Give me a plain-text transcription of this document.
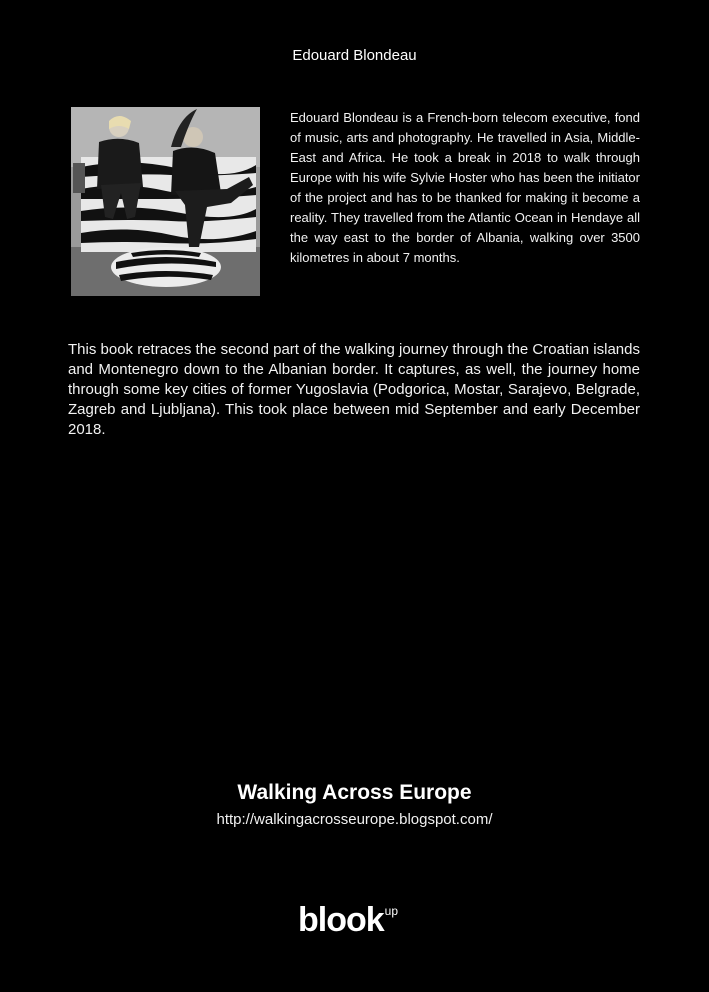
Edouard Blondeau
Edouard Blondeau is a French-born telecom executive, fond of music, arts and photography. He travelled in Asia, Middle-East and Africa. He took a break in 2018 to walk through Europe with his wife Sylvie Hoster who has been the initiator of the project and has to be thanked for making it become a reality. They travelled from the Atlantic Ocean in Hendaye all the way east to the border of Albania, walking over 3500 kilometres in about 7 months.
This book retraces the second part of the walking journey through the Croatian islands and Montenegro down to the Albanian border. It captures, as well, the journey home through some key cities of former Yugoslavia (Podgorica, Mostar, Sarajevo, Belgrade, Zagreb and Ljubljana). This took place between mid September and early December 2018.
Walking Across Europe
http://walkingacrosseurope.blogspot.com/
blook up
